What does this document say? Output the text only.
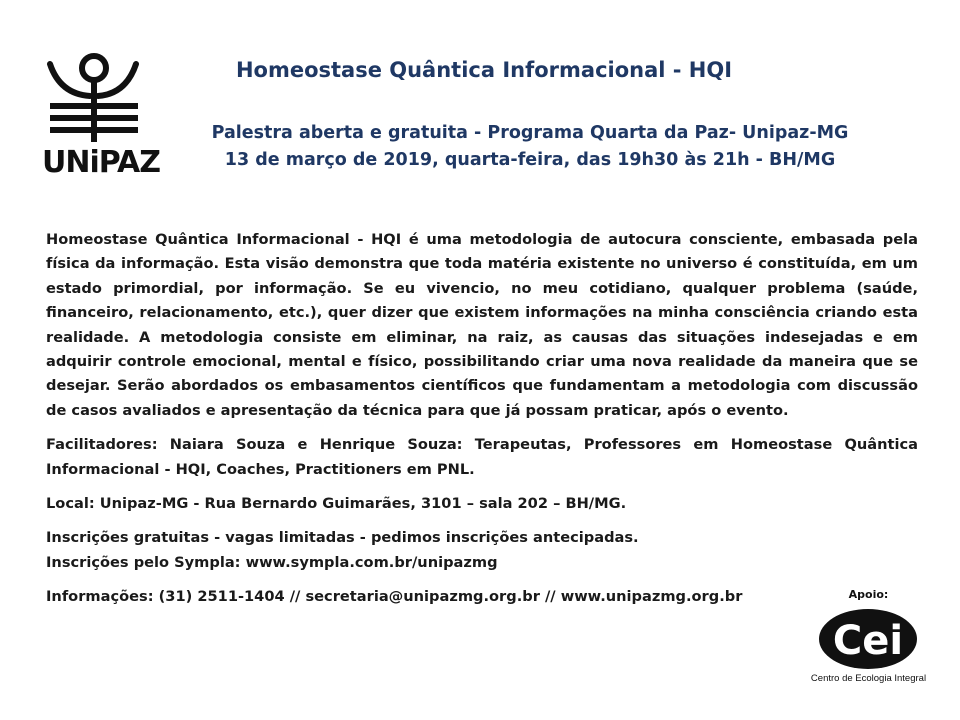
UNiPAZ
Homeostase Quântica Informacional - HQI
Palestra aberta e gratuita - Programa Quarta da Paz- Unipaz-MG
13 de março de 2019, quarta-feira, das 19h30 às 21h - BH/MG

Homeostase Quântica Informacional - HQI é uma metodologia de autocura consciente, embasada pela física da informação. Esta visão demonstra que toda matéria existente no universo é constituída, em um estado primordial, por informação. Se eu vivencio, no meu cotidiano, qualquer problema (saúde, financeiro, relacionamento, etc.), quer dizer que existem informações na minha consciência criando esta realidade. A metodologia consiste em eliminar, na raiz, as causas das situações indesejadas e em adquirir controle emocional, mental e físico, possibilitando criar uma nova realidade da maneira que se desejar. Serão abordados os embasamentos científicos que fundamentam a metodologia com discussão de casos avaliados e apresentação da técnica para que já possam praticar, após o evento.

Facilitadores: Naiara Souza e Henrique Souza: Terapeutas, Professores em Homeostase Quântica Informacional - HQI, Coaches, Practitioners em PNL.

Local: Unipaz-MG - Rua Bernardo Guimarães, 3101 – sala 202 – BH/MG.

Inscrições gratuitas - vagas limitadas - pedimos inscrições antecipadas.
Inscrições pelo Sympla: www.sympla.com.br/unipazmg

Informações: (31) 2511-1404 // secretaria@unipazmg.org.br // www.unipazmg.org.br	Apoio:
Cei
Centro de Ecologia Integral
